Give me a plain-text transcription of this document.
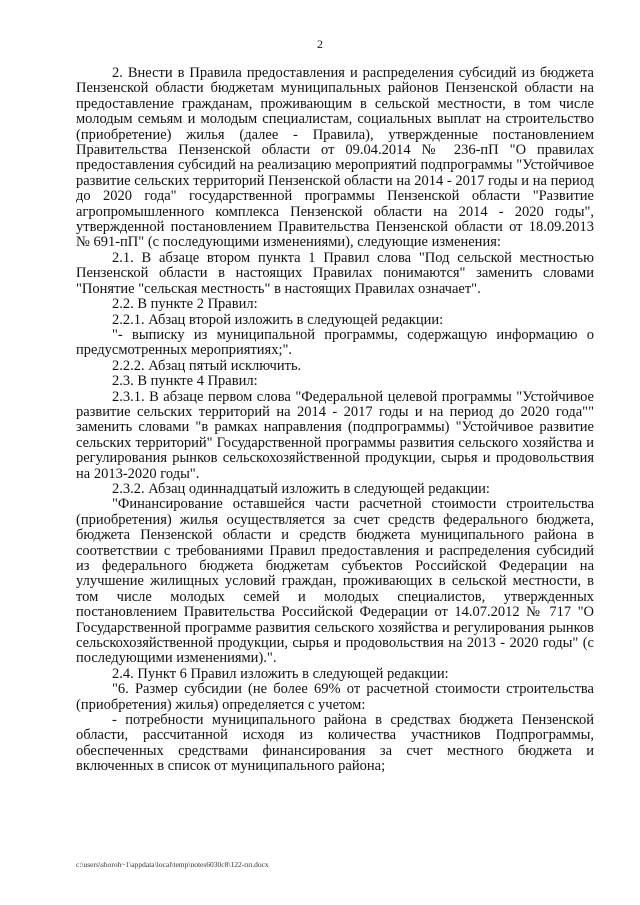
2

2. Внести в Правила предоставления и распределения субсидий из бюджета Пензенской области бюджетам муниципальных районов Пензенской области на предоставление гражданам, проживающим в сельской местности, в том числе молодым семьям и молодым специалистам, социальных выплат на строительство (приобретение) жилья (далее - Правила), утвержденные постановлением Правительства Пензенской области от 09.04.2014 № 236-пП "О правилах предоставления субсидий на реализацию мероприятий подпрограммы "Устойчивое развитие сельских территорий Пензенской области на 2014 - 2017 годы и на период до 2020 года" государственной программы Пензенской области "Развитие агропромышленного комплекса Пензенской области на 2014 - 2020 годы", утвержденной постановлением Правительства Пензенской области от 18.09.2013 № 691-пП" (с последующими изменениями), следующие изменения:

2.1. В абзаце втором пункта 1 Правил слова "Под сельской местностью Пензенской области в настоящих Правилах понимаются" заменить словами "Понятие "сельская местность" в настоящих Правилах означает".

2.2. В пункте 2 Правил:

2.2.1. Абзац второй изложить в следующей редакции:

"- выписку из муниципальной программы, содержащую информацию о предусмотренных мероприятиях;".

2.2.2. Абзац пятый исключить.

2.3. В пункте 4 Правил:

2.3.1. В абзаце первом слова "Федеральной целевой программы "Устойчивое развитие сельских территорий на 2014 - 2017 годы и на период до 2020 года"" заменить словами "в рамках направления (подпрограммы) "Устойчивое развитие сельских территорий" Государственной программы развития сельского хозяйства и регулирования рынков сельскохозяйственной продукции, сырья и продовольствия на 2013-2020 годы".

2.3.2. Абзац одиннадцатый изложить в следующей редакции:

"Финансирование оставшейся части расчетной стоимости строительства (приобретения) жилья осуществляется за счет средств федерального бюджета, бюджета Пензенской области и средств бюджета муниципального района в соответствии с требованиями Правил предоставления и распределения субсидий из федерального бюджета бюджетам субъектов Российской Федерации на улучшение жилищных условий граждан, проживающих в сельской местности, в том числе молодых семей и молодых специалистов, утвержденных постановлением Правительства Российской Федерации от 14.07.2012 № 717 "О Государственной программе развития сельского хозяйства и регулирования рынков сельскохозяйственной продукции, сырья и продовольствия на 2013 - 2020 годы" (с последующими изменениями).".

2.4. Пункт 6 Правил изложить в следующей редакции:

"6. Размер субсидии (не более 69% от расчетной стоимости строительства (приобретения) жилья) определяется с учетом:

- потребности муниципального района в средствах бюджета Пензенской области, рассчитанной исходя из количества участников Подпрограммы, обеспеченных средствами финансирования за счет местного бюджета и включенных в список от муниципального района;

c:\users\shoroh~1\appdata\local\temp\notes6030c8\122-пп.docx
